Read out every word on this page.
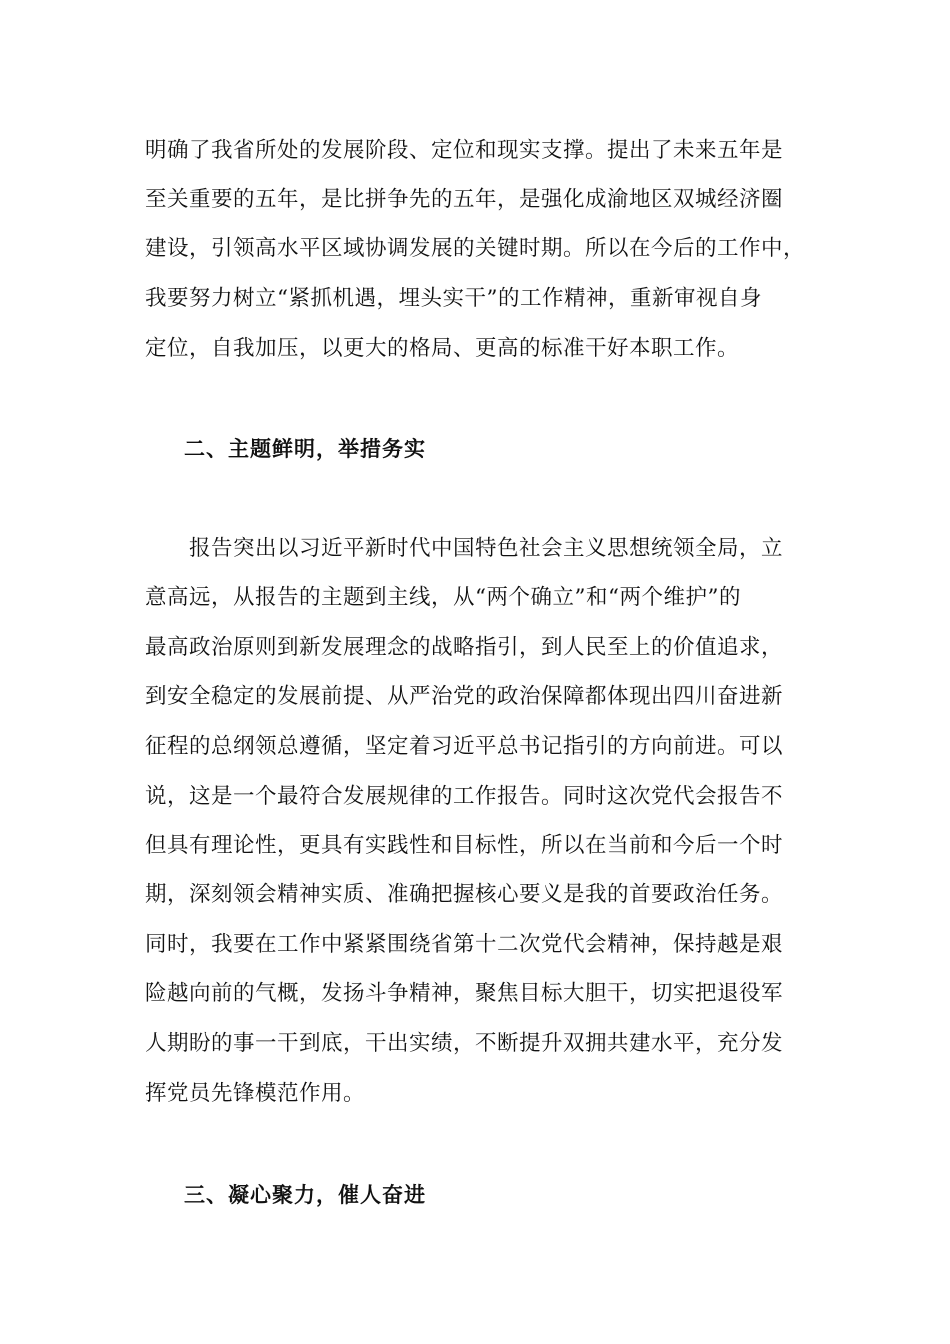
明确了我省所处的发展阶段、定位和现实支撑。提出了未来五年是
至关重要的五年，是比拼争先的五年，是强化成渝地区双城经济圈
建设，引领高水平区域协调发展的关键时期。所以在今后的工作中，
我要努力树立“紧抓机遇，埋头实干”的工作精神，重新审视自身
定位，自我加压，以更大的格局、更高的标准干好本职工作。
二、主题鲜明，举措务实
　　报告突出以习近平新时代中国特色社会主义思想统领全局，立
意高远，从报告的主题到主线，从“两个确立”和“两个维护”的
最高政治原则到新发展理念的战略指引，到人民至上的价值追求，
到安全稳定的发展前提、从严治党的政治保障都体现出四川奋进新
征程的总纲领总遵循，坚定着习近平总书记指引的方向前进。可以
说，这是一个最符合发展规律的工作报告。同时这次党代会报告不
但具有理论性，更具有实践性和目标性，所以在当前和今后一个时
期，深刻领会精神实质、准确把握核心要义是我的首要政治任务。
同时，我要在工作中紧紧围绕省第十二次党代会精神，保持越是艰
险越向前的气概，发扬斗争精神，聚焦目标大胆干，切实把退役军
人期盼的事一干到底，干出实绩，不断提升双拥共建水平，充分发
挥党员先锋模范作用。
三、凝心聚力，催人奋进
